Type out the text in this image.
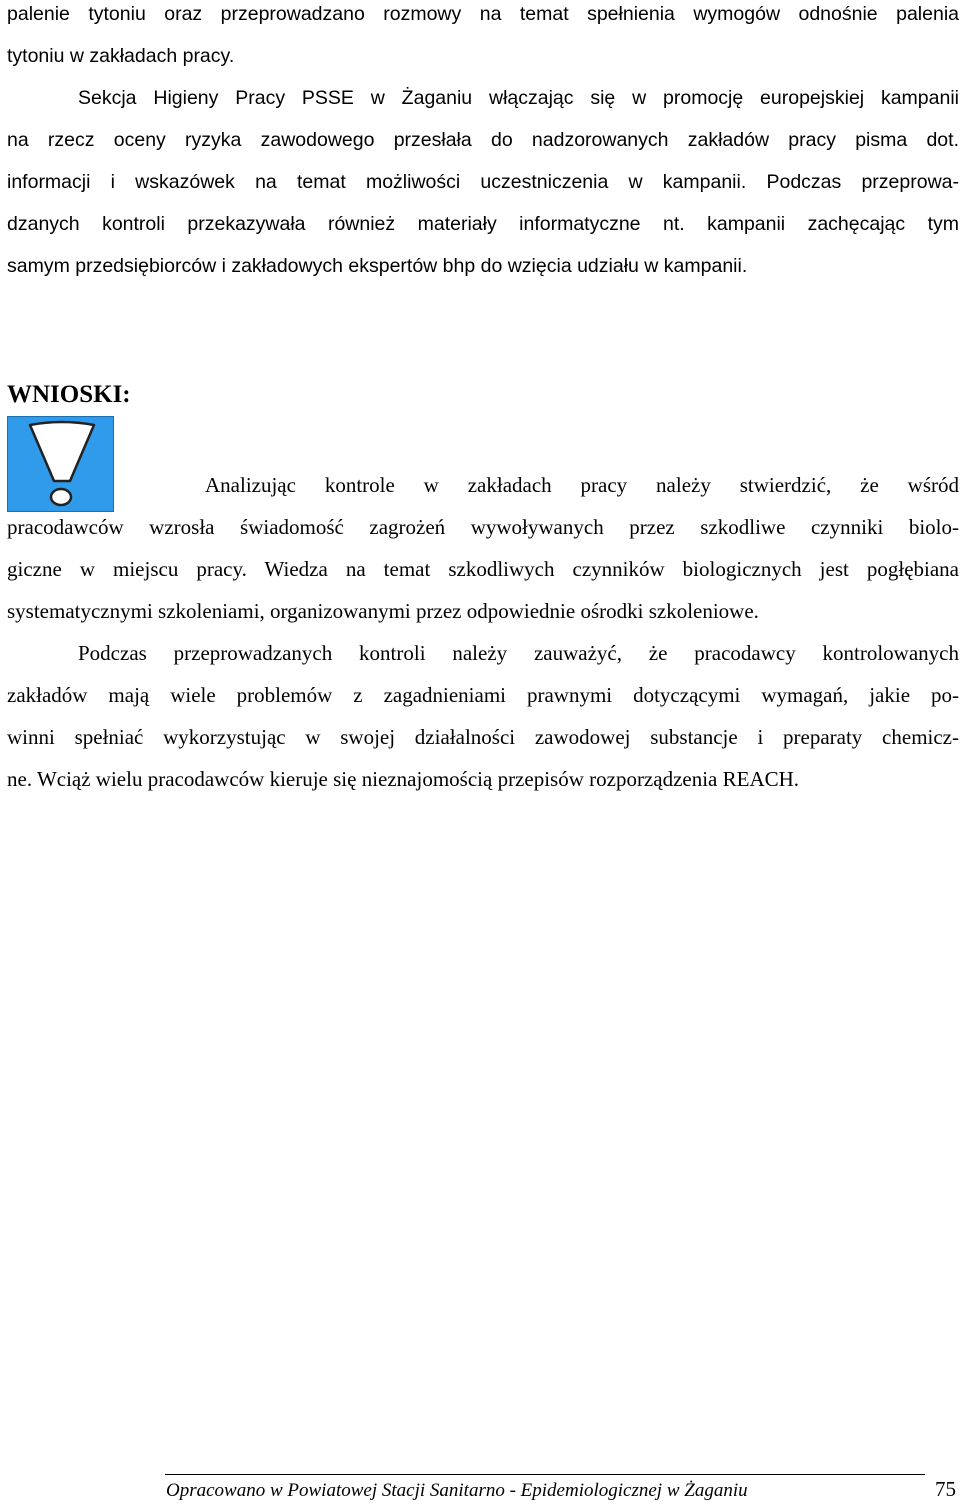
palenie tytoniu oraz przeprowadzano rozmowy na temat spełnienia wymogów odnośnie palenia
tytoniu w zakładach pracy.
Sekcja Higieny Pracy PSSE w Żaganiu włączając się w promocję europejskiej kampanii
na rzecz oceny ryzyka zawodowego przesłała do nadzorowanych zakładów pracy pisma dot.
informacji i wskazówek na temat możliwości uczestniczenia w kampanii. Podczas przeprowa-
dzanych kontroli przekazywała również materiały informatyczne nt. kampanii zachęcając tym
samym przedsiębiorców i zakładowych ekspertów bhp do wzięcia udziału w kampanii.
WNIOSKI:
Analizując kontrole w zakładach pracy należy stwierdzić, że wśród
pracodawców wzrosła świadomość zagrożeń wywoływanych przez szkodliwe czynniki biolo-
giczne w miejscu pracy. Wiedza na temat szkodliwych czynników biologicznych jest pogłębiana
systematycznymi szkoleniami, organizowanymi przez odpowiednie ośrodki szkoleniowe.
Podczas przeprowadzanych kontroli należy zauważyć, że pracodawcy kontrolowanych
zakładów mają wiele problemów z zagadnieniami prawnymi dotyczącymi wymagań, jakie po-
winni spełniać wykorzystując w swojej działalności zawodowej substancje i preparaty chemicz-
ne. Wciąż wielu pracodawców kieruje się nieznajomością przepisów rozporządzenia REACH.
Opracowano w Powiatowej Stacji Sanitarno - Epidemiologicznej w Żaganiu	75
